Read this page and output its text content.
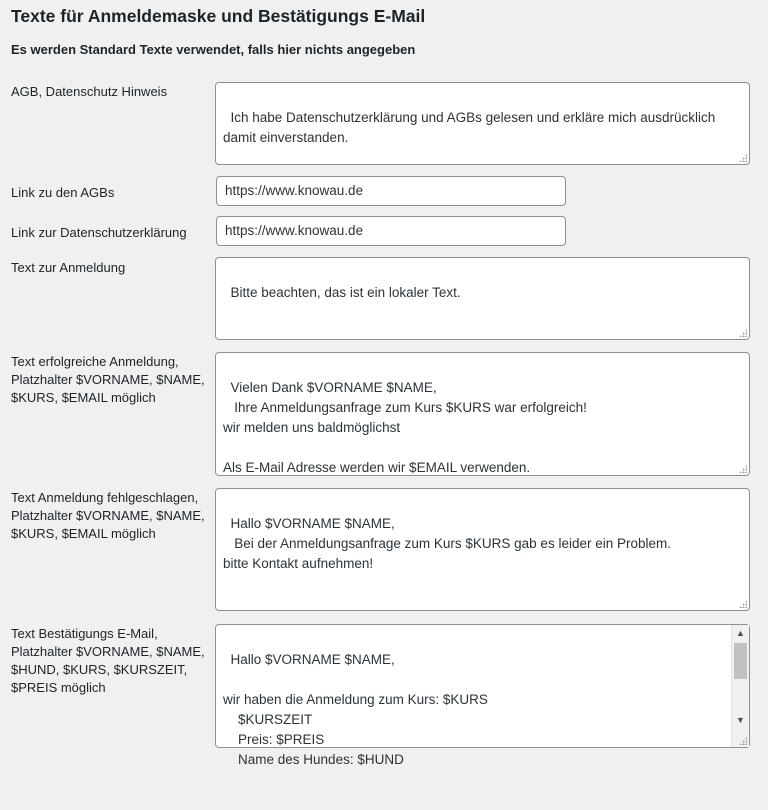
Texte für Anmeldemaske und Bestätigungs E-Mail

Es werden Standard Texte verwendet, falls hier nichts angegeben

AGB, Datenschutz Hinweis

Ich habe Datenschutzerklärung und AGBs gelesen und erkläre mich ausdrücklich damit einverstanden.

Link zu den AGBs	https://www.knowau.de
Link zur Datenschutzerklärung	https://www.knowau.de
Text zur Anmeldung

Bitte beachten, das ist ein lokaler Text.

Text erfolgreiche Anmeldung, Platzhalter $VORNAME, $NAME, $KURS, $EMAIL möglich

Vielen Dank $VORNAME $NAME,
Ihre Anmeldungsanfrage zum Kurs $KURS war erfolgreich!
wir melden uns baldmöglichst

Als E-Mail Adresse werden wir $EMAIL verwenden.

Text Anmeldung fehlgeschlagen, Platzhalter $VORNAME, $NAME, $KURS, $EMAIL möglich

Hallo $VORNAME $NAME,
Bei der Anmeldungsanfrage zum Kurs $KURS gab es leider ein Problem.
bitte Kontakt aufnehmen!

Text Bestätigungs E-Mail, Platzhalter $VORNAME, $NAME, $HUND, $KURS, $KURSZEIT, $PREIS möglich

Hallo $VORNAME $NAME,

wir haben die Anmeldung zum Kurs: $KURS
$KURSZEIT
Preis: $PREIS
Name des Hundes: $HUND

▲

▼
